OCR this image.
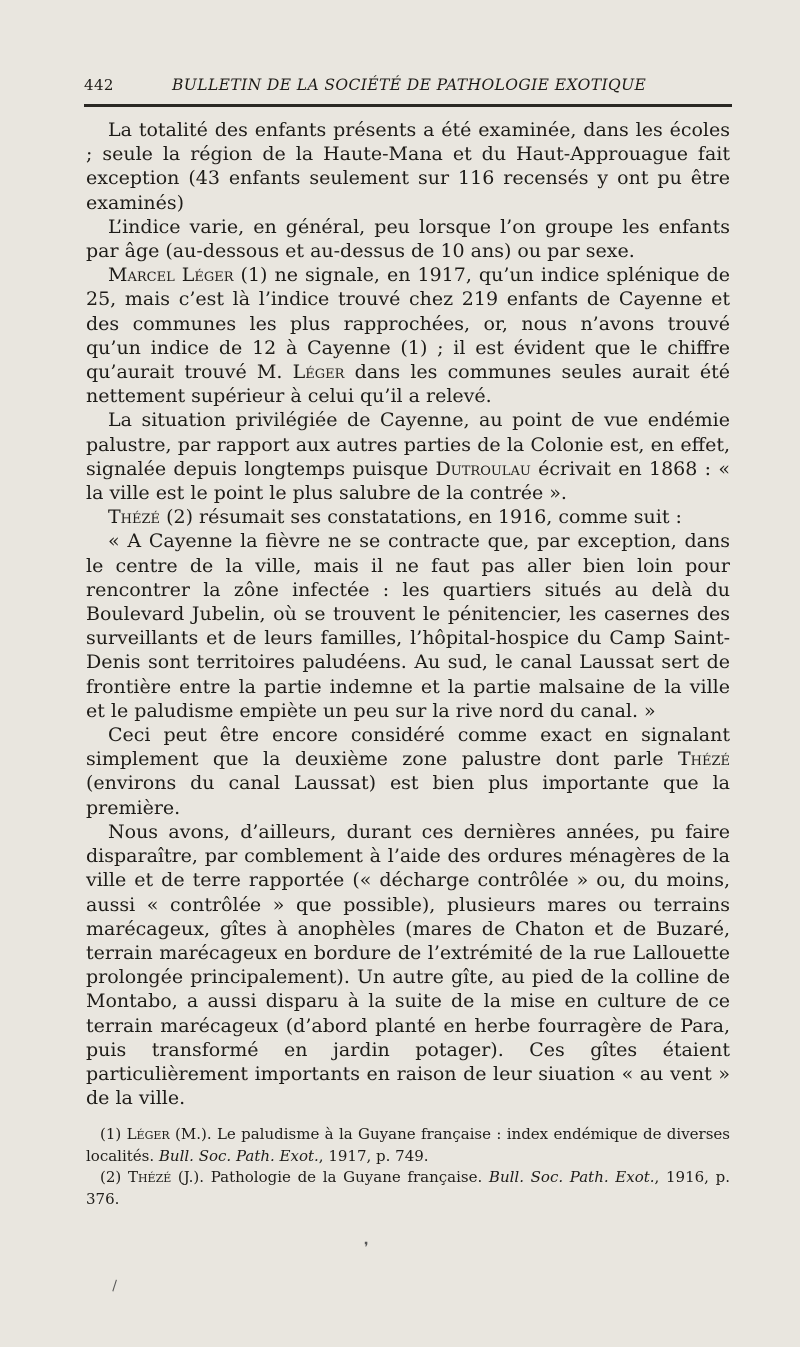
442	BULLETIN DE LA SOCIÉTÉ DE PATHOLOGIE EXOTIQUE

La totalité des enfants présents a été examinée, dans les écoles ; seule la région de la Haute-Mana et du Haut-Approuague fait exception (43 enfants seulement sur 116 recensés y ont pu être examinés)

L’indice varie, en général, peu lorsque l’on groupe les enfants par âge (au-dessous et au-dessus de 10 ans) ou par sexe.

Marcel Léger (1) ne signale, en 1917, qu’un indice splénique de 25, mais c’est là l’indice trouvé chez 219 enfants de Cayenne et des communes les plus rapprochées, or, nous n’avons trouvé qu’un indice de 12 à Cayenne (1) ; il est évident que le chiffre qu’aurait trouvé M. Léger dans les communes seules aurait été nettement supérieur à celui qu’il a relevé.

La situation privilégiée de Cayenne, au point de vue endémie palustre, par rapport aux autres parties de la Colonie est, en effet, signalée depuis longtemps puisque Dutroulau écrivait en 1868 : « la ville est le point le plus salubre de la contrée ».

Thézé (2) résumait ses constatations, en 1916, comme suit :

« A Cayenne la fièvre ne se contracte que, par exception, dans le centre de la ville, mais il ne faut pas aller bien loin pour rencontrer la zône infectée : les quartiers situés au delà du Boulevard Jubelin, où se trouvent le pénitencier, les casernes des surveillants et de leurs familles, l’hôpital-hospice du Camp Saint-Denis sont territoires paludéens. Au sud, le canal Laussat sert de frontière entre la partie indemne et la partie malsaine de la ville et le paludisme empiète un peu sur la rive nord du canal. »

Ceci peut être encore considéré comme exact en signalant simplement que la deuxième zone palustre dont parle Thézé (environs du canal Laussat) est bien plus importante que la première.

Nous avons, d’ailleurs, durant ces dernières années, pu faire disparaître, par comblement à l’aide des ordures ménagères de la ville et de terre rapportée (« décharge contrôlée » ou, du moins, aussi « contrôlée » que possible), plusieurs mares ou terrains marécageux, gîtes à anophèles (mares de Chaton et de Buzaré, terrain marécageux en bordure de l’extrémité de la rue Lallouette prolongée principalement). Un autre gîte, au pied de la colline de Montabo, a aussi disparu à la suite de la mise en culture de ce terrain marécageux (d’abord planté en herbe fourragère de Para, puis transformé en jardin potager). Ces gîtes étaient particulièrement importants en raison de leur siuation « au vent » de la ville.

(1) Léger (M.). Le paludisme à la Guyane française : index endémique de diverses localités. Bull. Soc. Path. Exot., 1917, p. 749.

(2) Thézé (J.). Pathologie de la Guyane française. Bull. Soc. Path. Exot., 1916, p. 376.

❜
\
